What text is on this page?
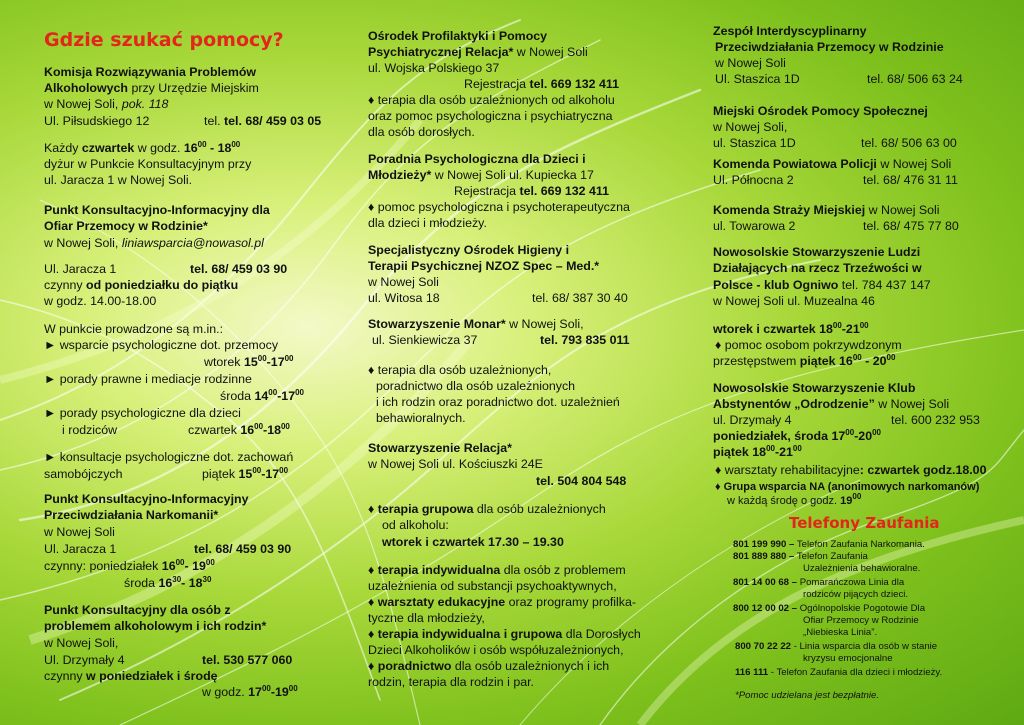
Gdzie szukać pomocy?
Komisja Rozwiązywania Problemów
Alkoholowych przy Urzędzie Miejskim
w Nowej Soli, pok. 118
Ul. Piłsudskiego 12	tel. tel. 68/ 459 03 05
Każdy czwartek w godz. $16^{00} - 18^{00}$
dyżur w Punkcie Konsultacyjnym przy
ul. Jaracza 1 w Nowej Soli.
Punkt Konsultacyjno-Informacyjny dla
Ofiar Przemocy w Rodzinie*
w Nowej Soli, liniawsparcia@nowasol.pl
Ul. Jaracza 1	tel. 68/ 459 03 90
czynny od poniedziałku do piątku
w godz. 14.00-18.00
W punkcie prowadzone są m.in.:
► wsparcie psychologiczne dot. przemocy
wtorek $15^{00}-17^{00}$
► porady prawne i mediacje rodzinne
środa $14^{00}-17^{00}$
► porady psychologiczne dla dzieci
i rodziców	czwartek $16^{00}-18^{00}$
► konsultacje psychologiczne dot. zachowań
samobójczych	piątek $15^{00}-17^{00}$
Punkt Konsultacyjno-Informacyjny
Przeciwdziałania Narkomanii*
w Nowej Soli
Ul. Jaracza 1	tel. 68/ 459 03 90
czynny: poniedziałek $16^{00}-$ $19^{00}$
środa $16^{30}-$ $18^{30}$
Punkt Konsultacyjny dla osób z
problemem alkoholowym i ich rodzin*
w Nowej Soli,
Ul. Drzymały 4	tel. 530 577 060
czynny w poniedziałek i środę
w godz. $17^{00}-19^{00}$
Ośrodek Profilaktyki i Pomocy
Psychiatrycznej Relacja* w Nowej Soli
ul. Wojska Polskiego 37
Rejestracja tel. 669 132 411
♦ terapia dla osób uzależnionych od alkoholu
oraz pomoc psychologiczna i psychiatryczna
dla osób dorosłych.
Poradnia Psychologiczna dla Dzieci i
Młodzieży* w Nowej Soli ul. Kupiecka 17
Rejestracja tel. 669 132 411
♦ pomoc psychologiczna i psychoterapeutyczna
dla dzieci i młodzieży.
Specjalistyczny Ośrodek Higieny i
Terapii Psychicznej NZOZ Spec – Med.*
w Nowej Soli
ul. Witosa 18	tel. 68/ 387 30 40
Stowarzyszenie Monar* w Nowej Soli,
ul. Sienkiewicza 37	tel. 793 835 011
♦ terapia dla osób uzależnionych,
poradnictwo dla osób uzależnionych
i ich rodzin oraz poradnictwo dot. uzależnień
behawioralnych.
Stowarzyszenie Relacja*
w Nowej Soli ul. Kościuszki 24E
tel. 504 804 548
♦ terapia grupowa dla osób uzależnionych
od alkoholu:
wtorek i czwartek 17.30 – 19.30
♦ terapia indywidualna dla osób z problemem
uzależnienia od substancji psychoaktywnych,
♦ warsztaty edukacyjne oraz programy profilka-
tyczne dla młodzieży,
♦ terapia indywidualna i grupowa dla Dorosłych
Dzieci Alkoholików i osób współuzależnionych,
♦ poradnictwo dla osób uzależnionych i ich
rodzin, terapia dla rodzin i par.
Zespół Interdyscyplinarny
Przeciwdziałania Przemocy w Rodzinie
w Nowej Soli
Ul. Staszica 1D	tel. 68/ 506 63 24
Miejski Ośrodek Pomocy Społecznej
w Nowej Soli,
ul. Staszica 1D	tel. 68/ 506 63 00
Komenda Powiatowa Policji w Nowej Soli
Ul. Północna 2	tel. 68/ 476 31 11
Komenda Straży Miejskiej w Nowej Soli
ul. Towarowa 2	tel. 68/ 475 77 80
Nowosolskie Stowarzyszenie Ludzi
Działających na rzecz Trzeźwości w
Polsce - klub Ogniwo tel. 784 437 147
w Nowej Soli ul. Muzealna 46
wtorek i czwartek $18^{00}-21^{00}$
♦ pomoc osobom pokrzywdzonym
przestępstwem piątek $16^{00} - 20^{00}$
Nowosolskie Stowarzyszenie Klub
Abstynentów „Odrodzenie” w Nowej Soli
ul. Drzymały 4	tel. 600 232 953
poniedziałek, środa $17^{00}-20^{00}$
piątek $18^{00}-21^{00}$
♦ warsztaty rehabilitacyjne: czwartek godz.18.00
♦ Grupa wsparcia NA (anonimowych narkomanów)
w każdą środę o godz. $19^{00}$
Telefony Zaufania
801 199 990 – Telefon Zaufania Narkomania.
801 889 880 – Telefon Zaufania
Uzależnienia behawioralne.
801 14 00 68 – Pomarańczowa Linia dla
rodziców pijących dzieci.
800 12 00 02 – Ogólnopolskie Pogotowie Dla
Ofiar Przemocy w Rodzinie
„Niebieska Linia”.
800 70 22 22 - Linia wsparcia dla osób w stanie
kryzysu emocjonalne
116 111 - Telefon Zaufania dla dzieci i młodzieży.
*Pomoc udzielana jest bezpłatnie.
